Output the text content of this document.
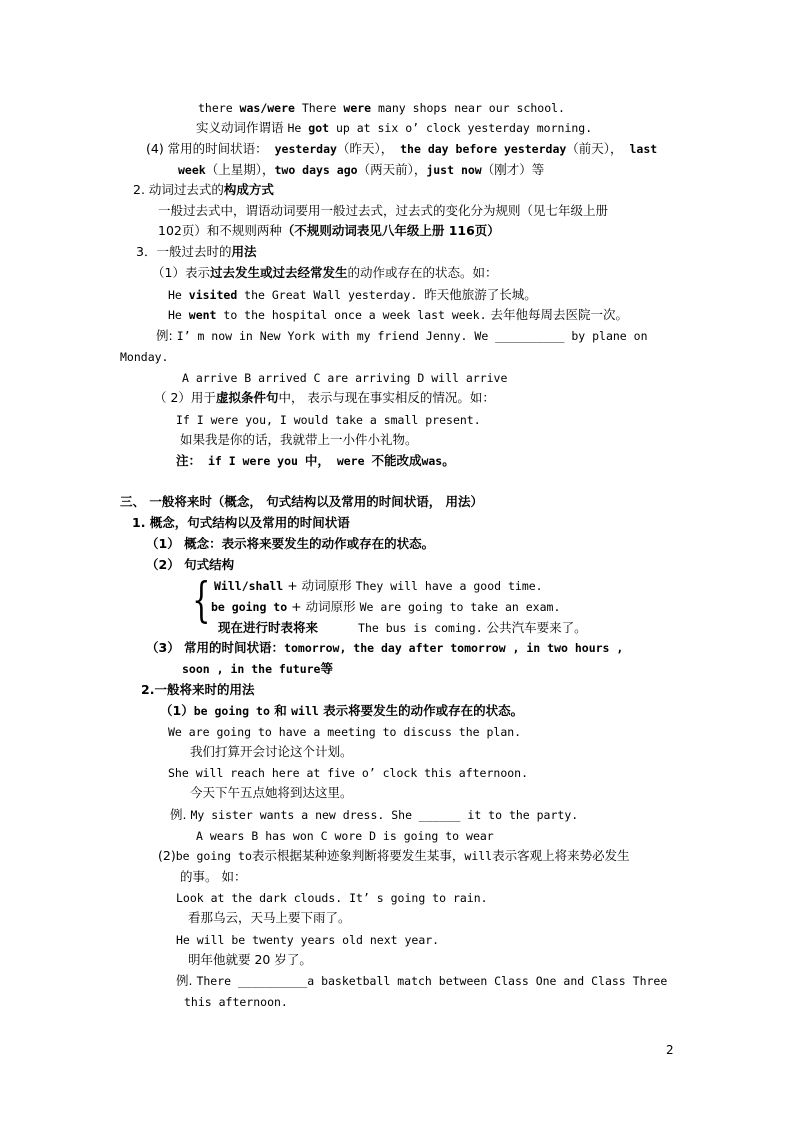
there was/were There were many shops near our school.
实义动词作谓语 He got up at six o’ clock yesterday morning.
(4) 常用的时间状语： yesterday（昨天）， the day before yesterday（前天）， last
week（上星期），two days ago（两天前），just now（刚才）等
2. 动词过去式的构成方式
一般过去式中，谓语动词要用一般过去式，过去式的变化分为规则（见七年级上册
102页）和不规则两种（不规则动词表见八年级上册 116页）
3．一般过去时的用法
（1）表示过去发生或过去经常发生的动作或存在的状态。如：
He visited the Great Wall yesterday. 昨天他旅游了长城。
He went to the hospital once a week last week. 去年他每周去医院一次。
例: I’ m now in New York with my friend Jenny. We __________ by plane on
Monday.
A arrive B arrived C are arriving D will arrive
（ 2）用于虚拟条件句中， 表示与现在事实相反的情况。如：
If I were you, I would take a small present.
如果我是你的话，我就带上一小件小礼物。
注： if I were you 中， were 不能改成was。
三、 一般将来时（概念， 句式结构以及常用的时间状语， 用法）
1. 概念，句式结构以及常用的时间状语
（1） 概念：表示将来要发生的动作或存在的状态。
（2） 句式结构
{ Will/shall + 动词原形 They will have a good time.
be going to + 动词原形 We are going to take an exam.
现在进行时表将来	The bus is coming. 公共汽车要来了。
（3） 常用的时间状语：tomorrow, the day after tomorrow , in two hours ,
soon , in the future等
2.一般将来时的用法
（1）be going to 和 will 表示将要发生的动作或存在的状态。
We are going to have a meeting to discuss the plan.
我们打算开会讨论这个计划。
She will reach here at five o’ clock this afternoon.
今天下午五点她将到达这里。
例. My sister wants a new dress. She ______ it to the party.
A wears B has won C wore D is going to wear
(2)be going to表示根据某种迹象判断将要发生某事，will表示客观上将来势必发生
的事。 如：
Look at the dark clouds. It’ s going to rain.
看那乌云，天马上要下雨了。
He will be twenty years old next year.
明年他就要 20 岁了。
例. There __________a basketball match between Class One and Class Three
this afternoon.
2
